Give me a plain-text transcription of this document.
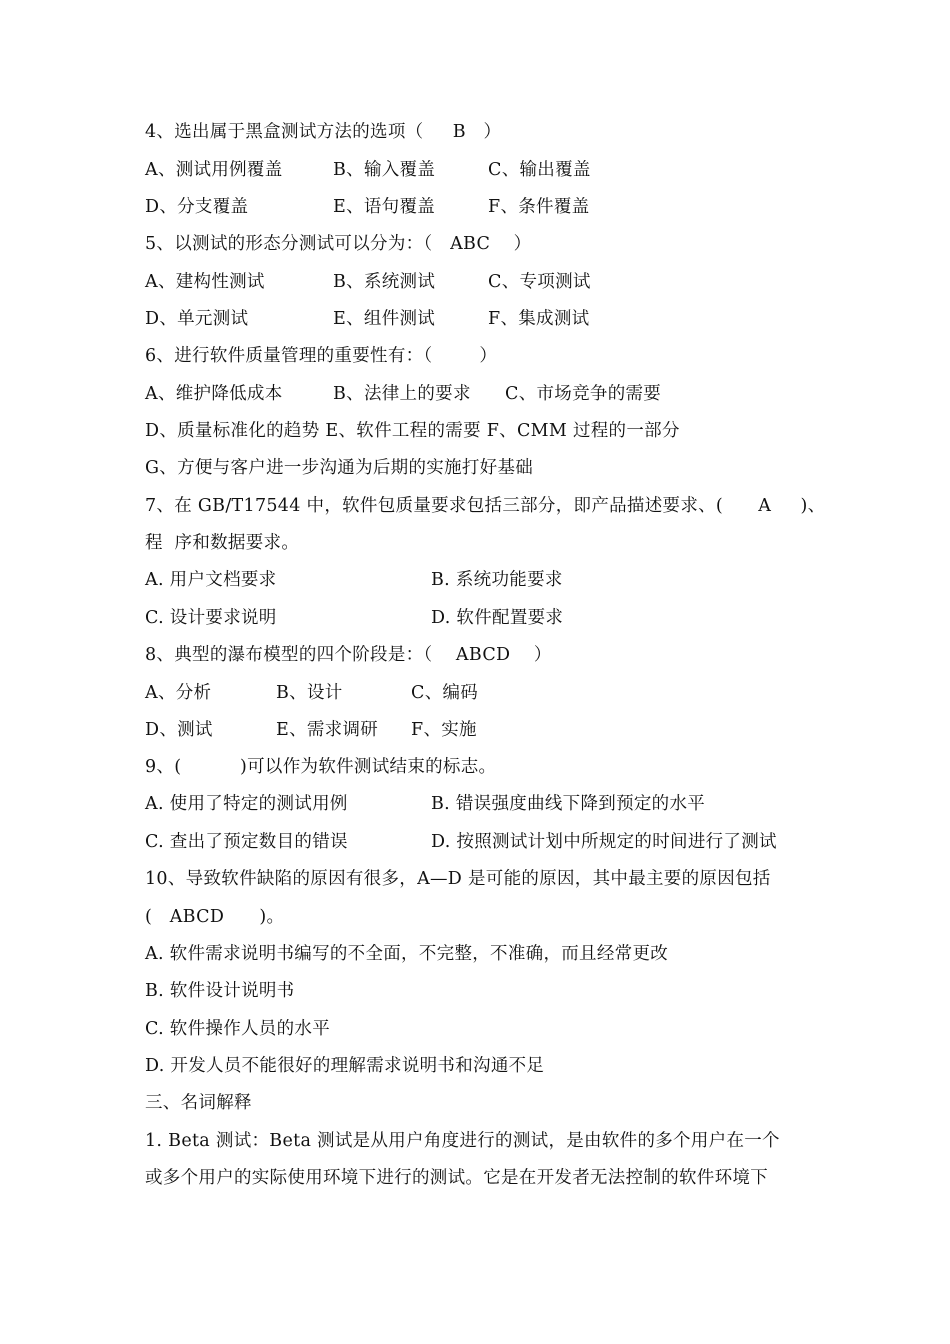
4、选出属于黑盒测试方法的选项（     B   ）

A、测试用例覆盖

	B、输入覆盖

	C、输出覆盖

D、分支覆盖

	E、语句覆盖

	F、条件覆盖

5、以测试的形态分测试可以分为：（   ABC    ）

A、建构性测试

	B、系统测试

	C、专项测试

D、单元测试

	E、组件测试

	F、集成测试

6、进行软件质量管理的重要性有：（        ）

A、维护降低成本

	B、法律上的要求

C、市场竞争的需要

D、质量标准化的趋势 E、软件工程的需要 F、CMM 过程的一部分
G、方便与客户进一步沟通为后期的实施打好基础
7、在 GB/T17544 中，软件包质量要求包括三部分，即产品描述要求、(      A     )、
程  序和数据要求。

A. 用户文档要求

	B. 系统功能要求

C. 设计要求说明

	D. 软件配置要求

8、典型的瀑布模型的四个阶段是：（    ABCD    ）

A、分析

	B、设计

	C、编码

D、测试

	E、需求调研

F、实施

9、(          )可以作为软件测试结束的标志。

A. 使用了特定的测试用例

	B. 错误强度曲线下降到预定的水平

C. 查出了预定数目的错误

	D. 按照测试计划中所规定的时间进行了测试

10、导致软件缺陷的原因有很多，A—D 是可能的原因，其中最主要的原因包括
(   ABCD      )。
A. 软件需求说明书编写的不全面，不完整，不准确，而且经常更改
B. 软件设计说明书
C. 软件操作人员的水平
D. 开发人员不能很好的理解需求说明书和沟通不足
三、名词解释
1. Beta 测试：Beta 测试是从用户角度进行的测试，是由软件的多个用户在一个
或多个用户的实际使用环境下进行的测试。它是在开发者无法控制的软件环境下
